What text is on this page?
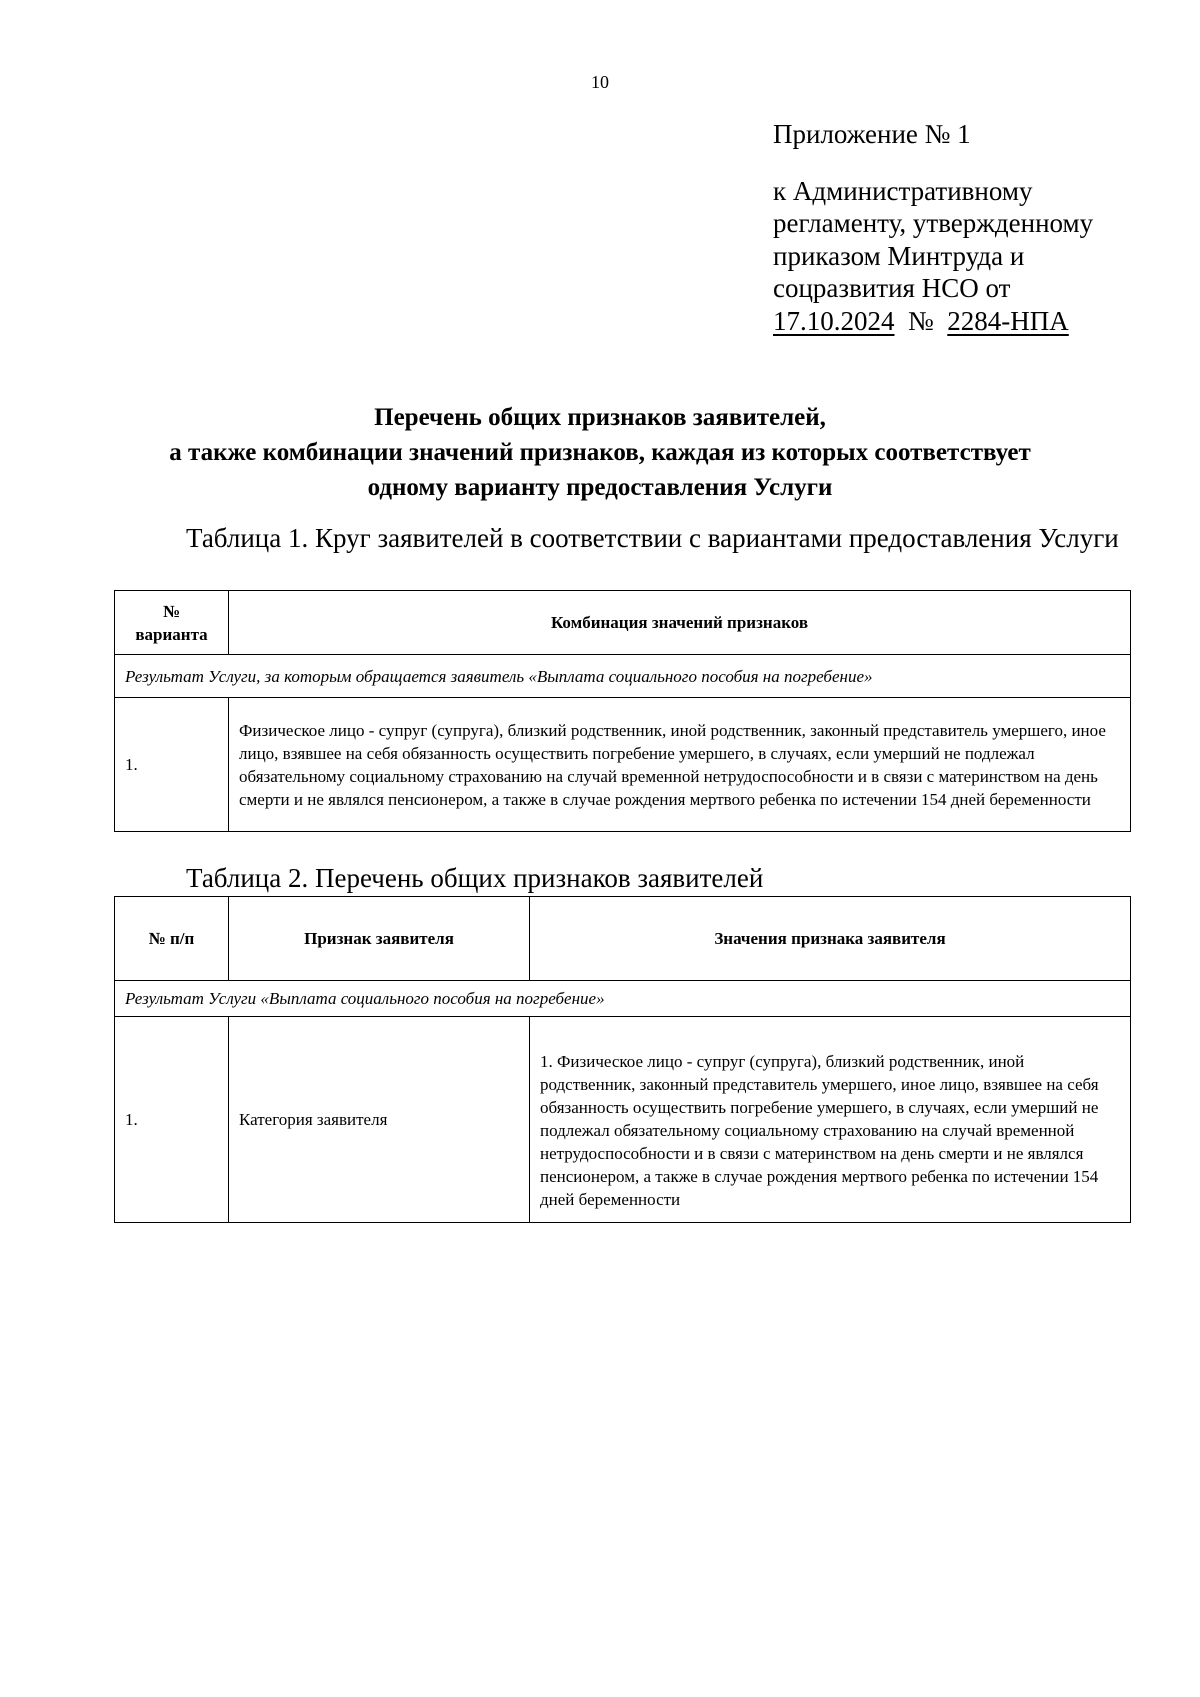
10
Приложение № 1
к Административному
регламенту, утвержденному
приказом Минтруда и
соцразвития НСО от
17.10.2024 № 2284-НПА
Перечень общих признаков заявителей,
а также комбинации значений признаков, каждая из которых соответствует
одному варианту предоставления Услуги
Таблица 1. Круг заявителей в соответствии с вариантами предоставления Услуги
№
варианта	Комбинация значений признаков
Результат Услуги, за которым обращается заявитель «Выплата социального пособия на погребение»	
1.	Физическое лицо - супруг (супруга), близкий родственник, иной родственник, законный представитель умершего, иное лицо, взявшее на себя обязанность осуществить погребение умершего, в случаях, если умерший не подлежал обязательному социальному страхованию на случай временной нетрудоспособности и в связи с материнством на день смерти и не являлся пенсионером, а также в случае рождения мертвого ребенка по истечении 154 дней беременности
Таблица 2. Перечень общих признаков заявителей
№ п/п	Признак заявителя	Значения признака заявителя
Результат Услуги «Выплата социального пособия на погребение»		
1.	Категория заявителя	1. Физическое лицо - супруг (супруга), близкий родственник, иной родственник, законный представитель умершего, иное лицо, взявшее на себя обязанность осуществить погребение умершего, в случаях, если умерший не подлежал обязательному социальному страхованию на случай временной нетрудоспособности и в связи с материнством на день смерти и не являлся пенсионером, а также в случае рождения мертвого ребенка по истечении 154 дней беременности
